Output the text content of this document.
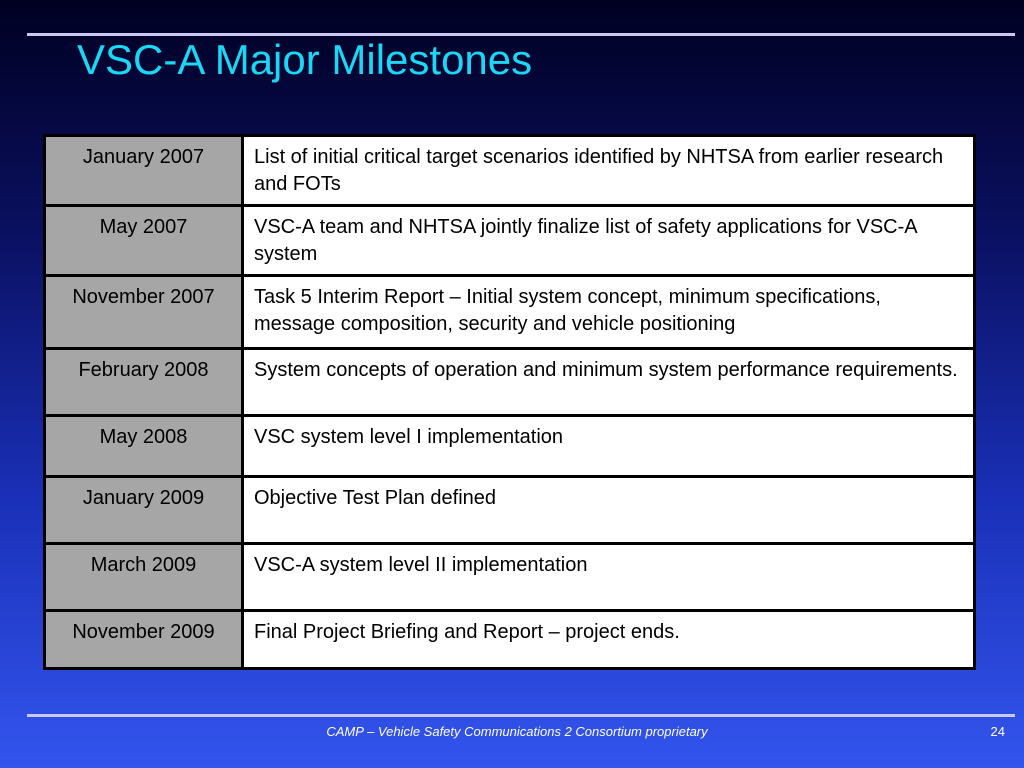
VSC-A Major Milestones
January 2007	List of initial critical target scenarios identified by NHTSA from earlier research and FOTs
May 2007	VSC-A team and NHTSA jointly finalize list of safety applications for VSC-A system
November 2007	Task 5 Interim Report – Initial system concept, minimum specifications, message composition, security and vehicle positioning
February 2008	System concepts of operation and minimum system performance requirements.
May 2008	VSC system level I implementation
January 2009	Objective Test Plan defined
March 2009	VSC-A system level II implementation
November 2009	Final Project Briefing and Report – project ends.
CAMP – Vehicle Safety Communications 2 Consortium proprietary	24
